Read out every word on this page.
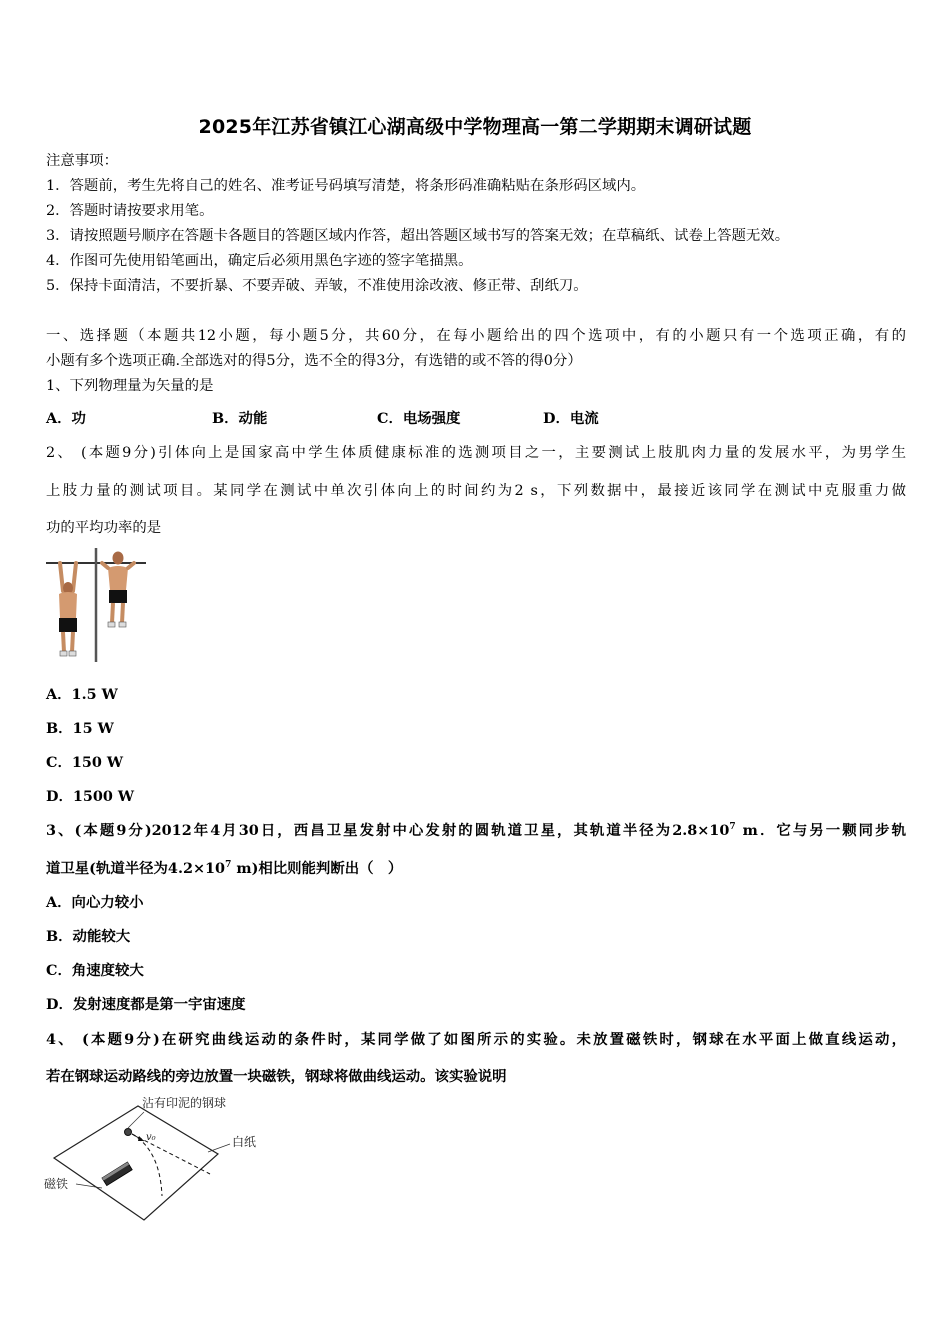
2025年江苏省镇江心湖高级中学物理高一第二学期期末调研试题
注意事项：
1．答题前，考生先将自己的姓名、准考证号码填写清楚，将条形码准确粘贴在条形码区域内。
2．答题时请按要求用笔。
3．请按照题号顺序在答题卡各题目的答题区域内作答，超出答题区域书写的答案无效；在草稿纸、试卷上答题无效。
4．作图可先使用铅笔画出，确定后必须用黑色字迹的签字笔描黑。
5．保持卡面清洁，不要折暴、不要弄破、弄皱，不准使用涂改液、修正带、刮纸刀。
一、选择题（本题共12小题，每小题5分，共60分，在每小题给出的四个选项中，有的小题只有一个选项正确，有的
小题有多个选项正确.全部选对的得5分，选不全的得3分，有选错的或不答的得0分）
1、下列物理量为矢量的是
A．功	B．动能	C．电场强度	D．电流
2、 (本题9分)引体向上是国家高中学生体质健康标准的选测项目之一，主要测试上肢肌肉力量的发展水平，为男学生
上肢力量的测试项目。某同学在测试中单次引体向上的时间约为2 s，下列数据中，最接近该同学在测试中克服重力做
功的平均功率的是
A．1.5 W
B．15 W
C．150 W
D．1500 W
3、(本题9分)2012年4月30日，西昌卫星发射中心发射的圆轨道卫星，其轨道半径为$2.8\times 10^7$ m．它与另一颗同步轨
道卫星(轨道半径为$4.2\times 10^7$ m)相比则能判断出（　）
A．向心力较小
B．动能较大
C．角速度较大
D．发射速度都是第一宇宙速度
4、 (本题9分)在研究曲线运动的条件时，某同学做了如图所示的实验。未放置磁铁时，钢球在水平面上做直线运动，
若在钢球运动路线的旁边放置一块磁铁，钢球将做曲线运动。该实验说明
沾有印泥的钢球
v₀	白纸
磁铁
